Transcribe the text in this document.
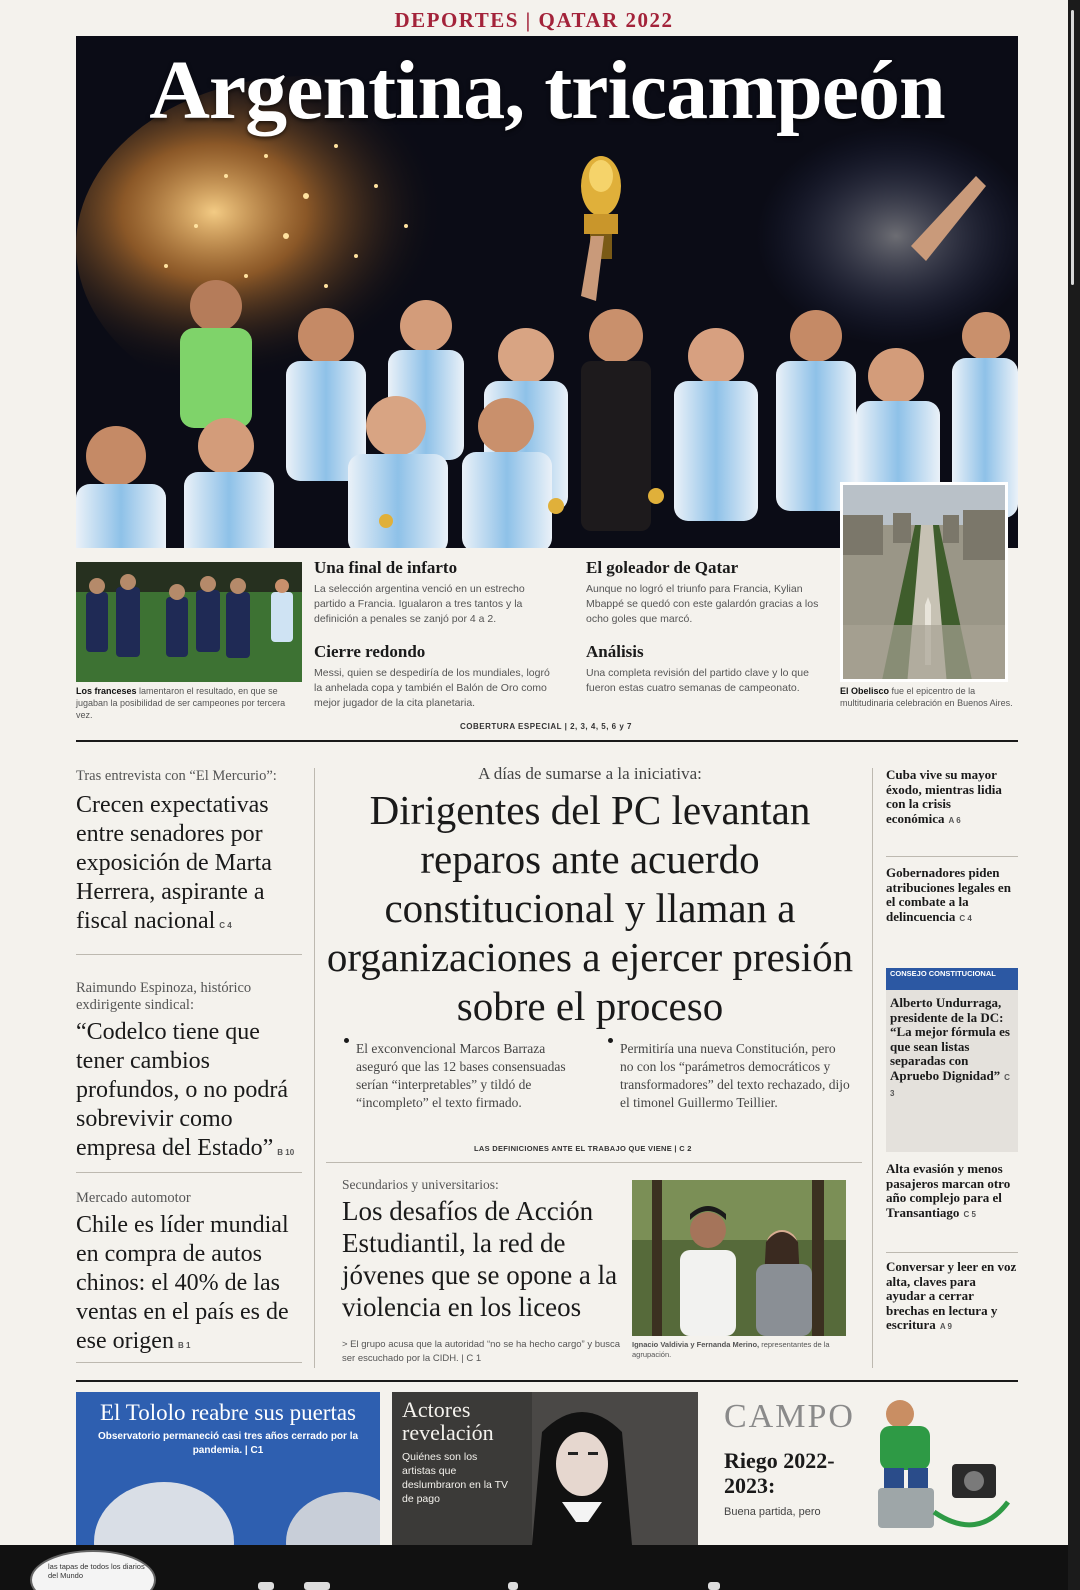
DEPORTES | QATAR 2022
Argentina, tricampeón
El Obelisco fue el epicentro de la multitudinaria celebración en Buenos Aires.
Los franceses lamentaron el resultado, en que se jugaban la posibilidad de ser campeones por tercera vez.
Una final de infarto

La selección argentina venció en un estrecho partido a Francia. Igualaron a tres tantos y la definición a penales se zanjó por 4 a 2.

El goleador de Qatar

Aunque no logró el triunfo para Francia, Kylian Mbappé se quedó con este galardón gracias a los ocho goles que marcó.

Cierre redondo

Messi, quien se despediría de los mundiales, logró la anhelada copa y también el Balón de Oro como mejor jugador de la cita planetaria.

Análisis

Una completa revisión del partido clave y lo que fueron estas cuatro semanas de campeonato.

COBERTURA ESPECIAL | 2, 3, 4, 5, 6 y 7
Tras entrevista con “El Mercurio”:
Crecen expectativas entre senadores por exposición de Marta Herrera, aspirante a fiscal nacional C 4
Raimundo Espinoza, histórico exdirigente sindical:
“Codelco tiene que tener cambios profundos, o no podrá sobrevivir como empresa del Estado” B 10
Mercado automotor
Chile es líder mundial en compra de autos chinos: el 40% de las ventas en el país es de ese origen B 1
A días de sumarse a la iniciativa:
Dirigentes del PC levantan reparos ante acuerdo constitucional y llaman a organizaciones a ejercer presión sobre el proceso
El exconvencional Marcos Barraza aseguró que las 12 bases consensuadas serían “interpretables” y tildó de “incompleto” el texto firmado.
Permitiría una nueva Constitución, pero no con los “parámetros democráticos y transformadores” del texto rechazado, dijo el timonel Guillermo Teillier.
LAS DEFINICIONES ANTE EL TRABAJO QUE VIENE | C 2
Secundarios y universitarios:
Los desafíos de Acción Estudiantil, la red de jóvenes que se opone a la violencia en los liceos
> El grupo acusa que la autoridad “no se ha hecho cargo” y busca ser escuchado por la CIDH. | C 1
Ignacio Valdivia y Fernanda Merino, representantes de la agrupación.
Cuba vive su mayor éxodo, mientras lidia con la crisis económica A 6
Gobernadores piden atribuciones legales en el combate a la delincuencia C 4
CONSEJO CONSTITUCIONAL
Alberto Undurraga, presidente de la DC: “La mejor fórmula es que sean listas separadas con Apruebo Dignidad” C 3
Alta evasión y menos pasajeros marcan otro año complejo para el Transantiago C 5
Conversar y leer en voz alta, claves para ayudar a cerrar brechas en lectura y escritura A 9
El Tololo reabre sus puertas

Observatorio permaneció casi tres años cerrado por la pandemia. | C1

Actores revelación

Quiénes son los artistas que deslumbraron en la TV de pago

CAMPO
Riego 2022-2023:
Buena partida, pero
las tapas de todos los diarios del Mundo
